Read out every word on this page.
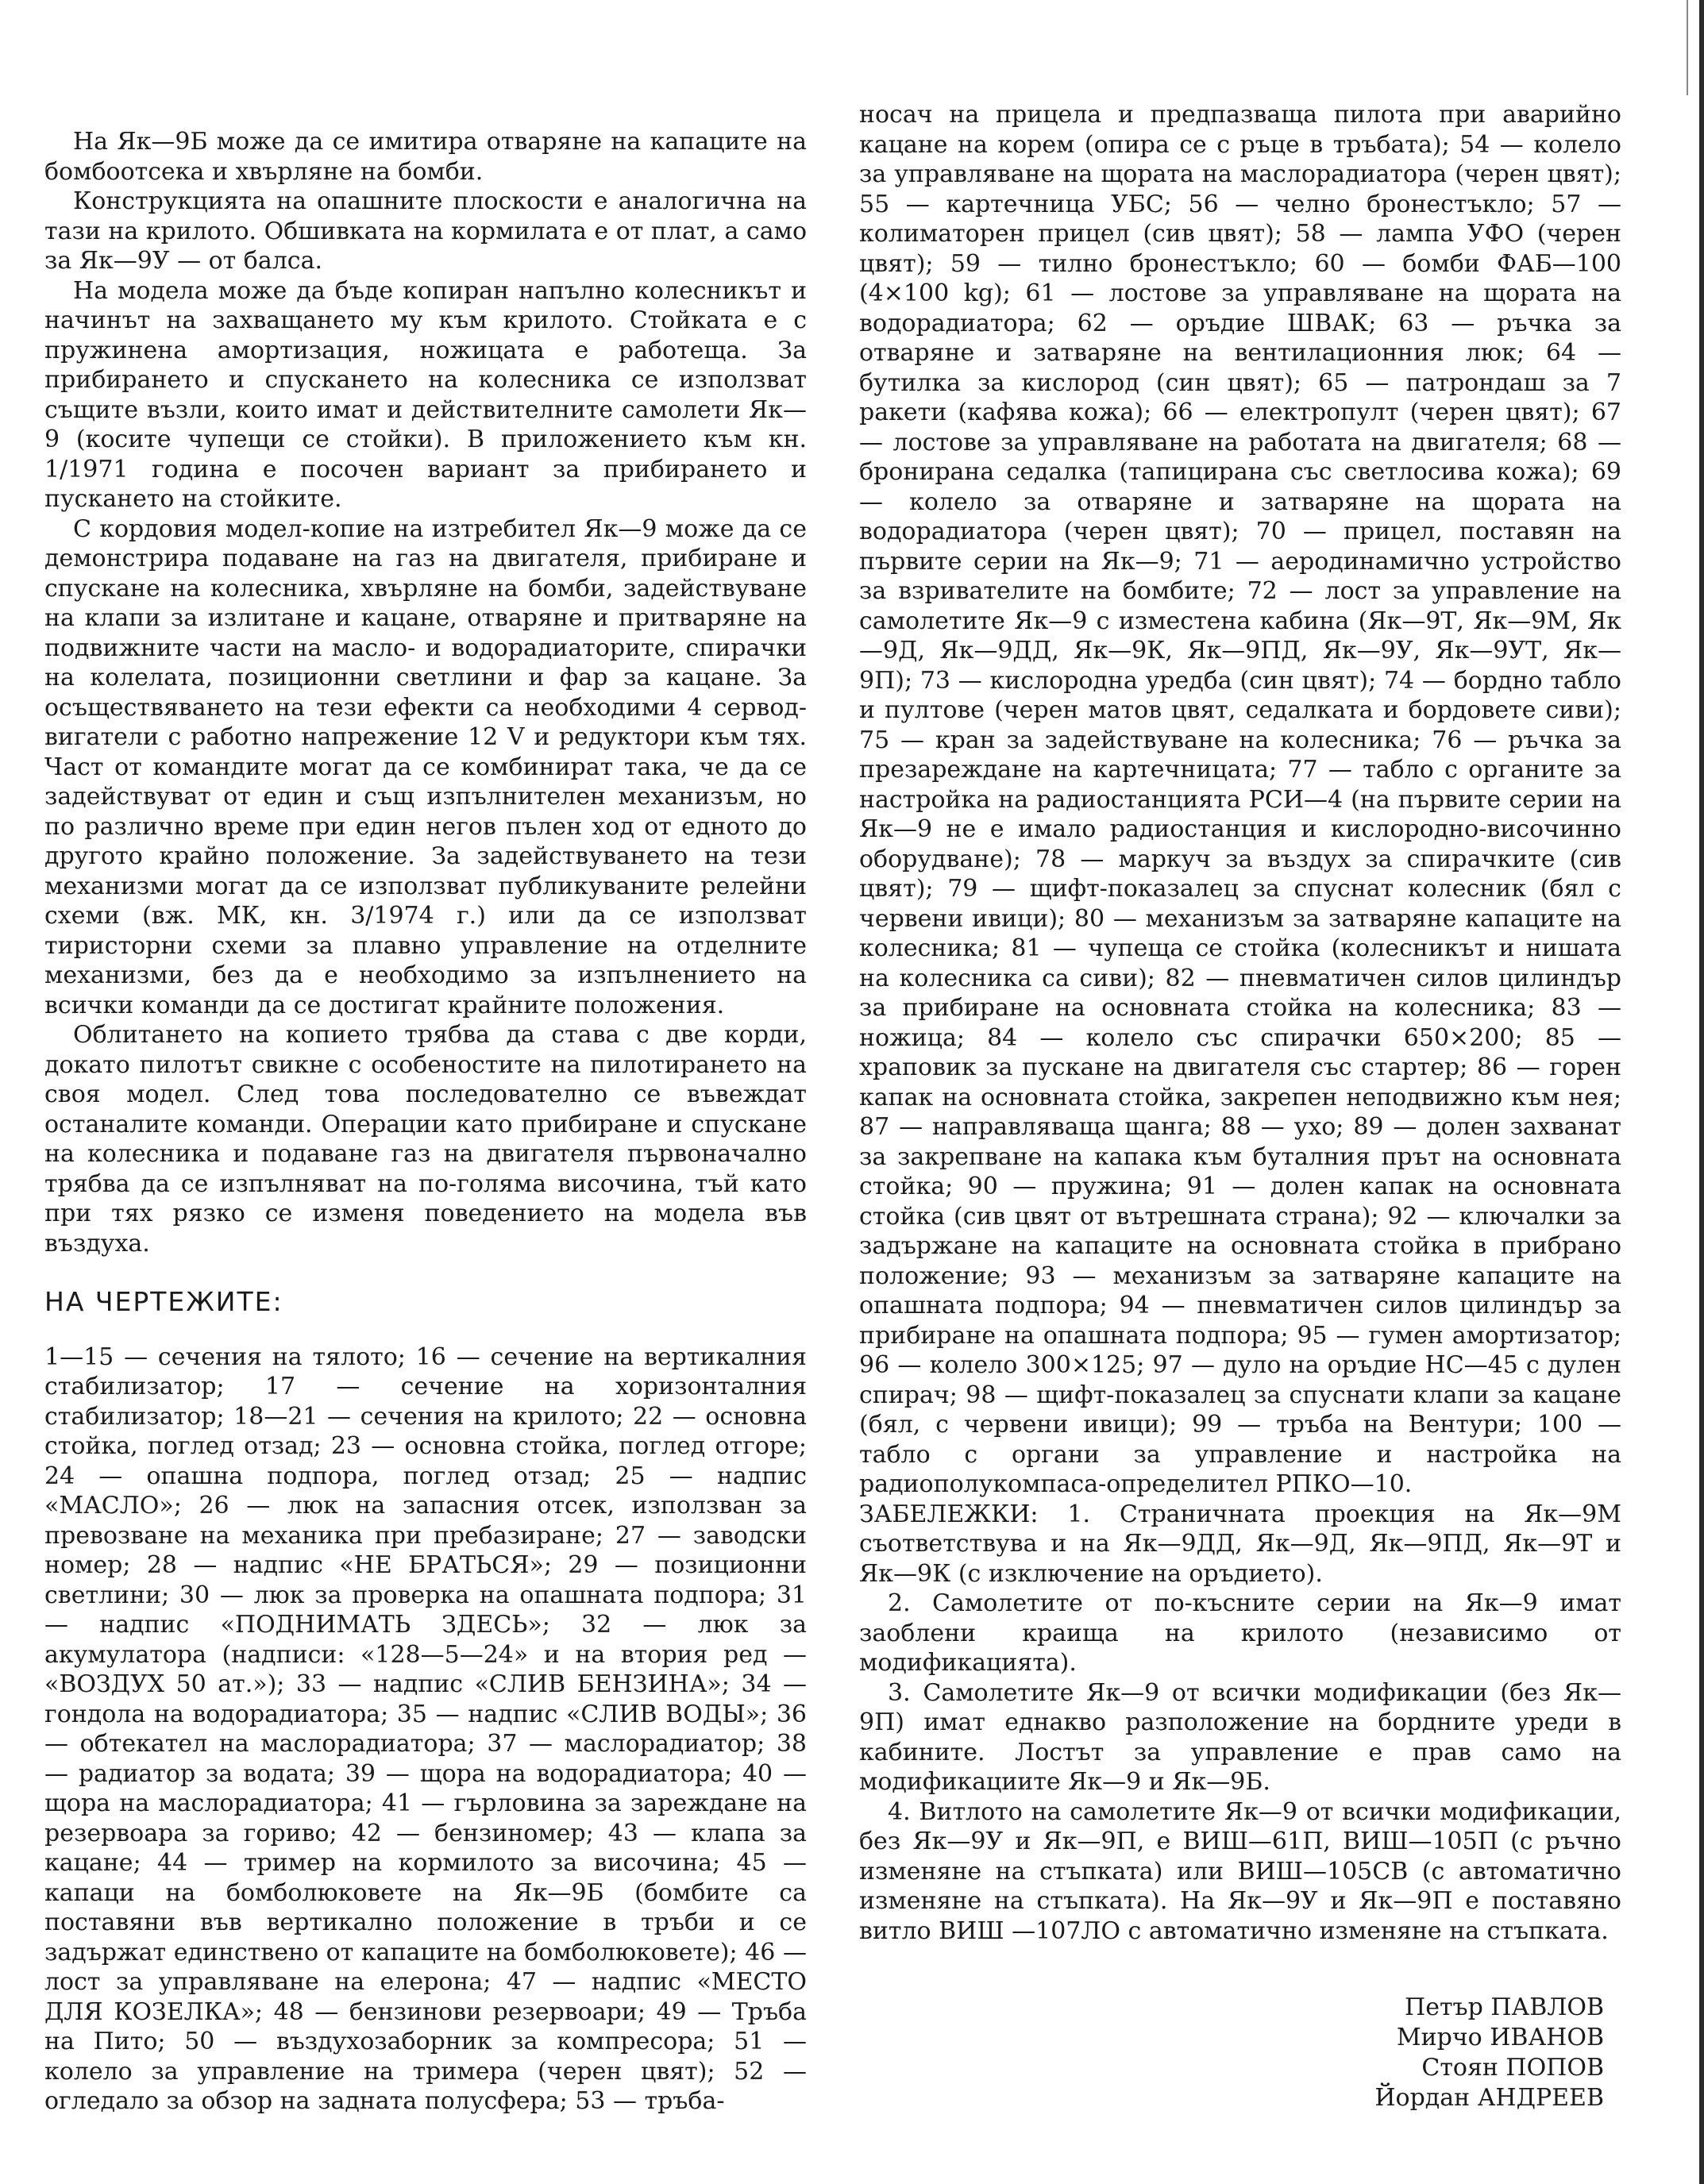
На Як—9Б може да се имитира отваряне на капаците на бомбоотсека и хвърляне на бомби.

Конструкцията на опашните плоскости е аналогична на тази на крилото. Обшивката на кормилата е от плат, а само за Як—9У — от балса.

На модела може да бъде копиран напълно колесникът и начинът на захващането му към крилото. Стойката е с пружинена амортизация, ножицата е работеща. За прибирането и спускането на колесника се използват същите възли, които имат и действителните самолети Як—9 (косите чупещи се стойки). В приложението към кн. 1/1971 година е посочен вариант за прибирането и пускането на стойките.

С кордовия модел-копие на изтребител Як—9 може да се демонстрира подаване на газ на двигателя, прибиране и спускане на колесника, хвърляне на бомби, задействуване на клапи за излитане и кацане, отваряне и притваряне на подвижните части на масло- и водорадиаторите, спирачки на колелата, позиционни светлини и фар за кацане. За осъществяването на тези ефекти са необходими 4 серводвигатели с работно напрежение 12 V и редуктори към тях. Част от командите могат да се комбинират така, че да се задействуват от един и същ изпълнителен механизъм, но по различно време при един негов пълен ход от едното до другото крайно положение. За задействуването на тези механизми могат да се използват публикуваните релейни схеми (вж. МК, кн. 3/1974 г.) или да се използват тиристорни схеми за плавно управление на отделните механизми, без да е необходимо за изпълнението на всички команди да се достигат крайните положения.

Облитането на копието трябва да става с две корди, докато пилотът свикне с особеностите на пилотирането на своя модел. След това последователно се въвеждат останалите команди. Операции като прибиране и спускане на колесника и подаване газ на двигателя първоначално трябва да се изпълняват на по-голяма височина, тъй като при тях рязко се изменя поведението на модела във въздуха.

НА ЧЕРТЕЖИТЕ:

1—15 — сечения на тялото; 16 — сечение на вертикалния стабилизатор; 17 — сечение на хоризонталния стабилизатор; 18—21 — сечения на крилото; 22 — основна стойка, поглед отзад; 23 — основна стойка, поглед отгоре; 24 — опашна подпора, поглед отзад; 25 — надпис «МАСЛО»; 26 — люк на запасния отсек, използван за превозване на механика при пребазиране; 27 — заводски номер; 28 — надпис «НЕ БРАТЬСЯ»; 29 — позиционни светлини; 30 — люк за проверка на опашната подпора; 31 — надпис «ПОДНИМАТЬ ЗДЕСЬ»; 32 — люк за акумулатора (надписи: «128—5—24» и на втория ред — «ВОЗДУХ 50 ат.»); 33 — надпис «СЛИВ БЕНЗИНА»; 34 — гондола на водорадиатора; 35 — надпис «СЛИВ ВОДЫ»; 36 — обтекател на маслорадиатора; 37 — маслорадиатор; 38 — радиатор за водата; 39 — щора на водорадиатора; 40 — щора на маслорадиатора; 41 — гърловина за зареждане на резервоара за гориво; 42 — бензиномер; 43 — клапа за кацане; 44 — тример на кормилото за височина; 45 — капаци на бомболюковете на Як—9Б (бомбите са поставяни във вертикално положение в тръби и се задържат единствено от капаците на бомболюковете); 46 — лост за управляване на елерона; 47 — надпис «МЕСТО ДЛЯ КОЗЕЛКА»; 48 — бензинови резервоари; 49 — Тръба на Пито; 50 — въздухозаборник за компресора; 51 — колело за управление на тримера (черен цвят); 52 — огледало за обзор на задната полусфера; 53 — тръба-

носач на прицела и предпазваща пилота при аварийно кацане на корем (опира се с ръце в тръбата); 54 — колело за управляване на щората на маслорадиатора (черен цвят); 55 — картечница УБС; 56 — челно бронестъкло; 57 — колиматорен прицел (сив цвят); 58 — лампа УФО (черен цвят); 59 — тилно бронестъкло; 60 — бомби ФАБ—100 (4×100 kg); 61 — лостове за управляване на щората на водорадиатора; 62 — оръдие ШВАК; 63 — ръчка за отваряне и затваряне на вентилационния люк; 64 — бутилка за кислород (син цвят); 65 — патрондаш за 7 ракети (кафява кожа); 66 — електропулт (черен цвят); 67 — лостове за управляване на работата на двигателя; 68 — бронирана седалка (тапицирана със светлосива кожа); 69 — колело за отваряне и затваряне на щората на водорадиатора (черен цвят); 70 — прицел, поставян на първите серии на Як—9; 71 — аеродинамично устройство за взривателите на бомбите; 72 — лост за управление на самолетите Як—9 с изместена кабина (Як—9Т, Як—9М, Як—9Д, Як—9ДД, Як—9К, Як—9ПД, Як—9У, Як—9УТ, Як—9П); 73 — кислородна уредба (син цвят); 74 — бордно табло и пултове (черен матов цвят, седалката и бордовете сиви); 75 — кран за задействуване на колесника; 76 — ръчка за презареждане на картечницата; 77 — табло с органите за настройка на радиостанцията РСИ—4 (на първите серии на Як—9 не е имало радиостанция и кислородно-височинно оборудване); 78 — маркуч за въздух за спирачките (сив цвят); 79 — щифт-показалец за спуснат колесник (бял с червени ивици); 80 — механизъм за затваряне капаците на колесника; 81 — чупеща се стойка (колесникът и нишата на колесника са сиви); 82 — пневматичен силов цилиндър за прибиране на основната стойка на колесника; 83 — ножица; 84 — колело със спирачки 650×200; 85 — храповик за пускане на двигателя със стартер; 86 — горен капак на основната стойка, закрепен неподвижно към нея; 87 — направляваща щанга; 88 — ухо; 89 — долен захванат за закрепване на капака към буталния прът на основната стойка; 90 — пружина; 91 — долен капак на основната стойка (сив цвят от вътрешната страна); 92 — ключалки за задържане на капаците на основната стойка в прибрано положение; 93 — механизъм за затваряне капаците на опашната подпора; 94 — пневматичен силов цилиндър за прибиране на опашната подпора; 95 — гумен амортизатор; 96 — колело 300×125; 97 — дуло на оръдие НС—45 с дулен спирач; 98 — щифт-показалец за спуснати клапи за кацане (бял, с червени ивици); 99 — тръба на Вентури; 100 — табло с органи за управление и настройка на радиополукомпаса-определител РПКО—10.

ЗАБЕЛЕЖКИ: 1. Страничната проекция на Як—9М съответствува и на Як—9ДД, Як—9Д, Як—9ПД, Як—9Т и Як—9К (с изключение на оръдието).

2. Самолетите от по-късните серии на Як—9 имат заоблени краища на крилото (независимо от модификацията).

3. Самолетите Як—9 от всички модификации (без Як—9П) имат еднакво разположение на бордните уреди в кабините. Лостът за управление е прав само на модификациите Як—9 и Як—9Б.

4. Витлото на самолетите Як—9 от всички модификации, без Як—9У и Як—9П, е ВИШ—61П, ВИШ—105П (с ръчно изменяне на стъпката) или ВИШ—105СВ (с автоматично изменяне на стъпката). На Як—9У и Як—9П е поставяно витло ВИШ —107ЛО с автоматично изменяне на стъпката.

Петър ПАВЛОВ
Мирчо ИВАНОВ
Стоян ПОПОВ
Йордан АНДРЕЕВ
